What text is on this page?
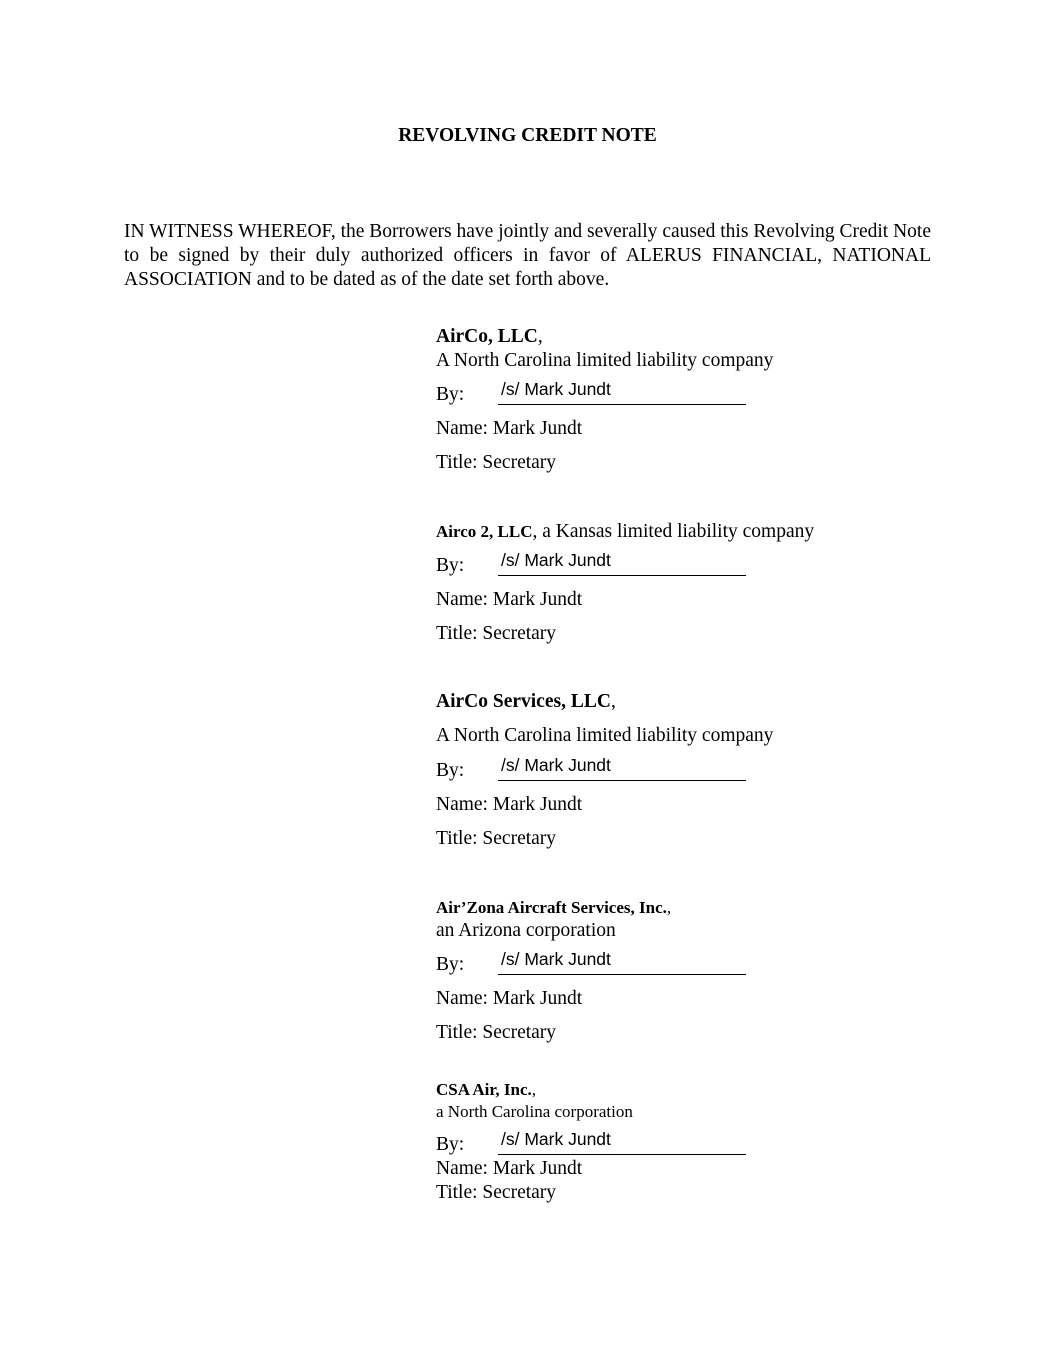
REVOLVING CREDIT NOTE
IN WITNESS WHEREOF, the Borrowers have jointly and severally caused this Revolving Credit Note to be signed by their duly authorized officers in favor of ALERUS FINANCIAL, NATIONAL ASSOCIATION and to be dated as of the date set forth above.
AirCo, LLC,
A North Carolina limited liability company
By: /s/ Mark Jundt
Name: Mark Jundt
Title: Secretary
Airco 2, LLC, a Kansas limited liability company
By: /s/ Mark Jundt
Name: Mark Jundt
Title: Secretary
AirCo Services, LLC,
A North Carolina limited liability company
By: /s/ Mark Jundt
Name: Mark Jundt
Title: Secretary
Air’Zona Aircraft Services, Inc.,
an Arizona corporation
By: /s/ Mark Jundt
Name: Mark Jundt
Title: Secretary
CSA Air, Inc.,
a North Carolina corporation
By: /s/ Mark Jundt
Name: Mark Jundt
Title: Secretary
